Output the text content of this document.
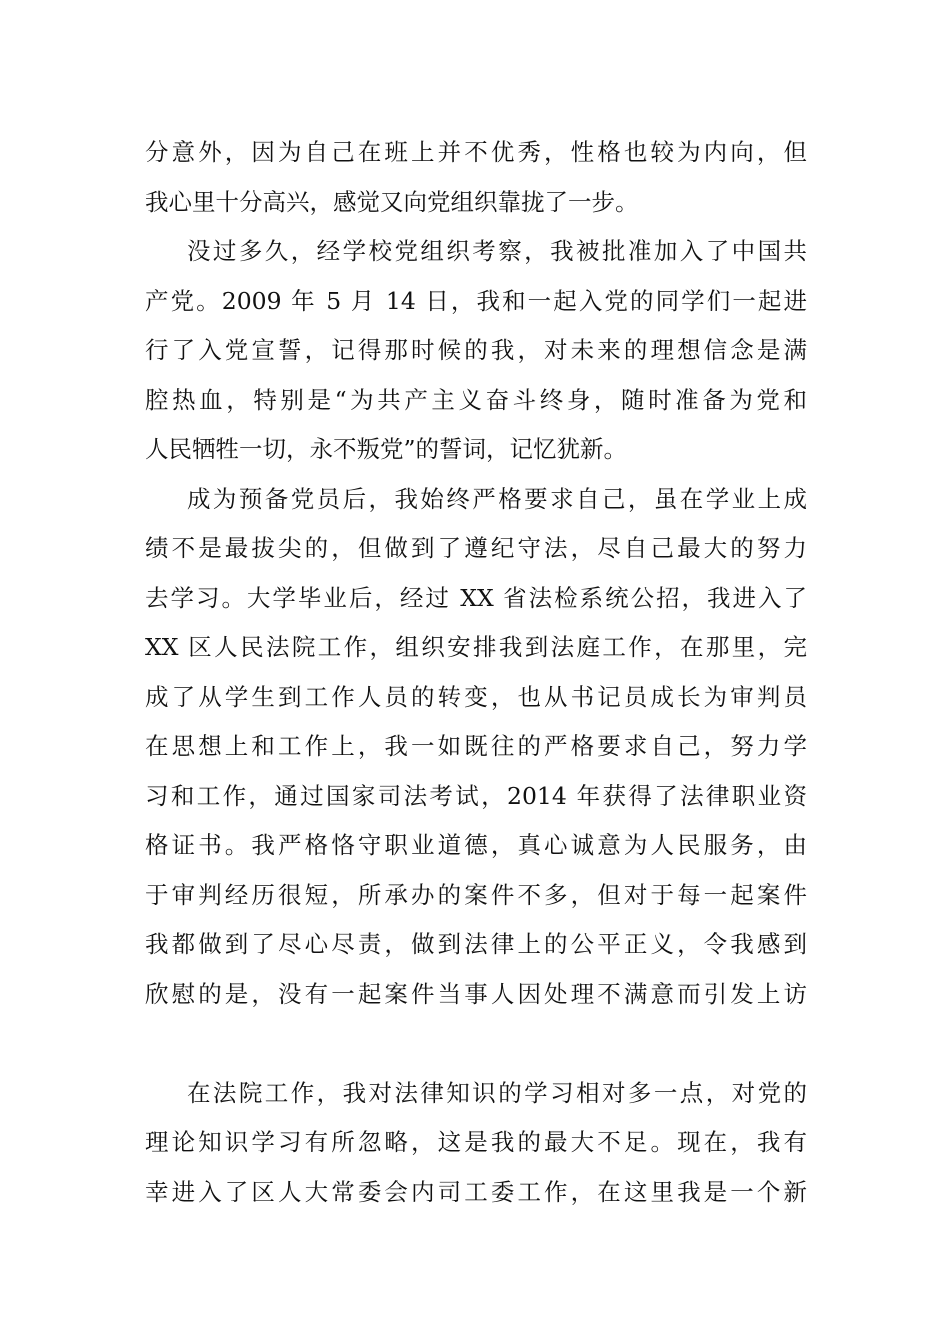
分意外，因为自己在班上并不优秀，性格也较为内向，但
我心里十分高兴，感觉又向党组织靠拢了一步。
没过多久，经学校党组织考察，我被批准加入了中国共
产党。2009 年 5 月 14 日，我和一起入党的同学们一起进
行了入党宣誓，记得那时候的我，对未来的理想信念是满
腔热血，特别是“为共产主义奋斗终身，随时准备为党和
人民牺牲一切，永不叛党”的誓词，记忆犹新。
成为预备党员后，我始终严格要求自己，虽在学业上成
绩不是最拔尖的，但做到了遵纪守法，尽自己最大的努力
去学习。大学毕业后，经过 XX 省法检系统公招，我进入了
XX 区人民法院工作，组织安排我到法庭工作，在那里，完
成了从学生到工作人员的转变，也从书记员成长为审判员
在思想上和工作上，我一如既往的严格要求自己，努力学
习和工作，通过国家司法考试，2014 年获得了法律职业资
格证书。我严格恪守职业道德，真心诚意为人民服务，由
于审判经历很短，所承办的案件不多，但对于每一起案件
我都做到了尽心尽责，做到法律上的公平正义，令我感到
欣慰的是，没有一起案件当事人因处理不满意而引发上访
在法院工作，我对法律知识的学习相对多一点，对党的
理论知识学习有所忽略，这是我的最大不足。现在，我有
幸进入了区人大常委会内司工委工作，在这里我是一个新
